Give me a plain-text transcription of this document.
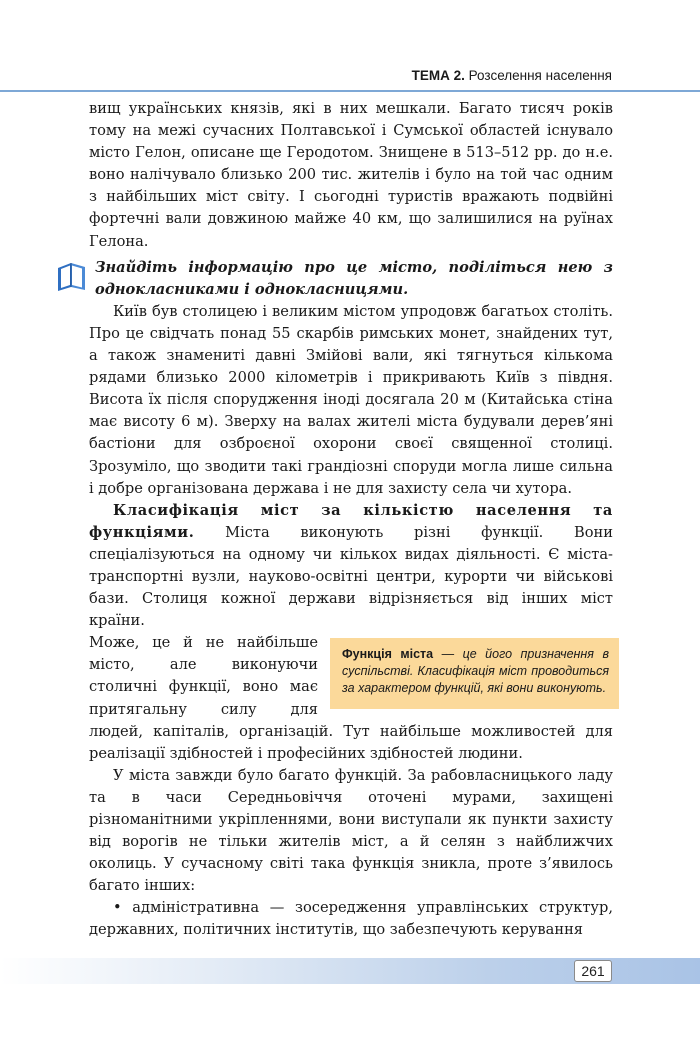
ТЕМА 2. Розселення населення

вищ українських князів, які в них мешкали. Багато тисяч років тому на межі сучасних Полтавської і Сумської областей існувало місто Гелон, описане ще Геродотом. Знищене в 513–512 рр. до н.е. воно налічувало близько 200 тис. жителів і було на той час одним з найбільших міст світу. І сьогодні туристів вражають подвійні фортечні вали довжиною майже 40 км, що залишилися на руїнах Гелона.

Знайдіть інформацію про це місто, поділіться нею з однокласниками і однокласницями.

Київ був столицею і великим містом упродовж багатьох століть. Про це свідчать понад 55 скарбів римських монет, знайдених тут, а також знамениті давні Змійові вали, які тягнуться кількома рядами близько 2000 кілометрів і прикривають Київ з півдня. Висота їх після спорудження іноді досягала 20 м (Китайська стіна має висоту 6 м). Зверху на валах жителі міста будували дерев’яні бастіони для озброєної охорони своєї священної столиці. Зрозуміло, що зводити такі грандіозні споруди могла лише сильна і добре організована держава і не для захисту села чи хутора.

Класифікація міст за кількістю населення та функціями. Міста виконують різні функції. Вони спеціалізуються на одному чи кількох видах діяльності. Є міста-транспортні вузли, науково-освітні центри, курорти чи військові бази. Столиця кожної держави відрізняється від інших міст країни.

Функція міста — це його призначення в суспільстві. Класифікація міст проводиться за характером функцій, які вони виконують.

Може, це й не найбільше місто, але виконуючи столичні функції, воно має притягальну силу для людей, капіталів, організацій. Тут найбільше можливостей для реалізації здібностей і професійних здібностей людини.

У міста завжди було багато функцій. За рабовласницького ладу та в часи Середньовіччя оточені мурами, захищені різноманітними укріпленнями, вони виступали як пункти захисту від ворогів не тільки жителів міст, а й селян з найближчих околиць. У сучасному світі така функція зникла, проте з’явилось багато інших:

• адміністративна — зосередження управлінських структур, державних, політичних інститутів, що забезпечують керування

261
